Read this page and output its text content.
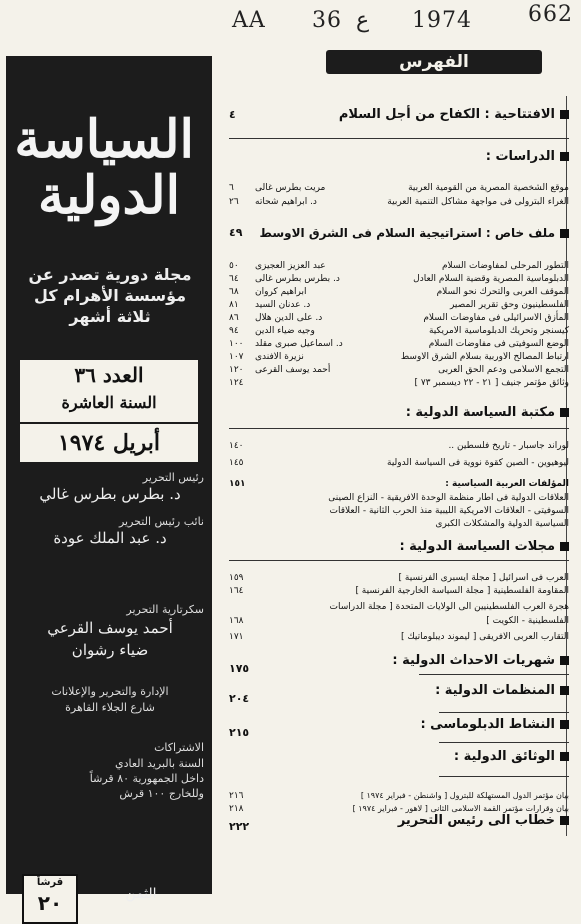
AA 36 ع 1974	662
السياسة
الدولية
مجلة دورية تصدر عن مؤسسة الأهرام كل ثلاثة أشهر
العدد ٣٦
السنة العاشرة
أبريل ١٩٧٤
رئيس التحرير
د. بطرس بطرس غالي
نائب رئيس التحرير
د. عبد الملك عودة
سكرتارية التحرير
أحمد يوسف القرعي
ضياء رشوان
الإدارة والتحرير والإعلانات
شارع الجلاء القاهرة
الاشتراكات
السنة بالبريد العادي
داخل الجمهورية ٨٠ قرشاً
وللخارج ١٠٠ قرش
قرشاً
٢٠	الثمن
الفهرس
الافتتاحية : الكفاح من أجل السلام
٤
الدراسات :
موقع الشخصية المصرية من القومية العربية
مريت بطرس غالى
٦
الغراء البترولى فى مواجهة مشاكل التنمية العربية
د. ابراهيم شحاته
٢٦
ملف خاص : استراتيجية السلام فى الشرق الاوسط
٤٩
التطور المرحلى لمفاوضات السلام
عبد العزيز العجيزى
٥٠
الدبلوماسية المصرية وقضية السلام العادل
د. بطرس بطرس غالى
٦٤
الموقف العربى والتحرك نحو السلام
ابراهيم كروان
٦٨
الفلسطينيون وحق تقرير المصير
د. عدنان السيد
٨١
المأزق الاسرائيلى فى مفاوضات السلام
د. على الدين هلال
٨٦
كيسنجر وتحريك الدبلوماسية الامريكية
وجيه ضياء الدين
٩٤
الوضع السوفيتى فى مفاوضات السلام
د. اسماعيل صبرى مقلد
١٠٠
ارتباط المصالح الاوربية بسلام الشرق الاوسط
نزيرة الافندى
١٠٧
التجمع الاسلامى ودعم الحق العربى
أحمد يوسف القرعى
١٢٠
وثائق مؤتمر جنيف [ ٢١ - ٢٢ ديسمبر ٧٣ ]
١٢٤
مكتبة السياسة الدولية :
لوراند جاسبار - تاريخ فلسطين ..
١٤٠
ليوهيوين - الصين كقوة نووية فى السياسة الدولية
١٤٥
المؤلفات العربية السياسية :
١٥١
العلاقات الدولية فى اطار منظمة الوحدة الافريقية - النزاع الصينى
السوفيتى - العلاقات الامريكية الليبية منذ الحرب الثانية - العلاقات
السياسية الدولية والمشكلات الكبرى
مجلات السياسة الدولية :
العرب فى اسرائيل [ مجلة ايسبرى الفرنسية ]
١٥٩
المقاومة الفلسطينية [ مجلة السياسة الخارجية الفرنسية ]
١٦٤
هجرة العرب الفلسطينيين الى الولايات المتحدة [ مجلة الدراسات
الفلسطينية - الكويت ]
١٦٨
التقارب العربى الافريقى [ ليموند ديبلوماتيك ]
١٧١
شهريات الاحداث الدولية :
١٧٥
المنظمات الدولية :
٢٠٤
النشاط الدبلوماسى :
٢١٥
الوثائق الدولية :
بيان مؤتمر الدول المستهلكة للبترول [ واشنطن - فبراير ١٩٧٤ ]
٢١٦
بيان وقرارات مؤتمر القمة الاسلامى الثانى [ لاهور - فبراير ١٩٧٤ ]
٢١٨
خطاب الى رئيس التحرير
٢٢٢
